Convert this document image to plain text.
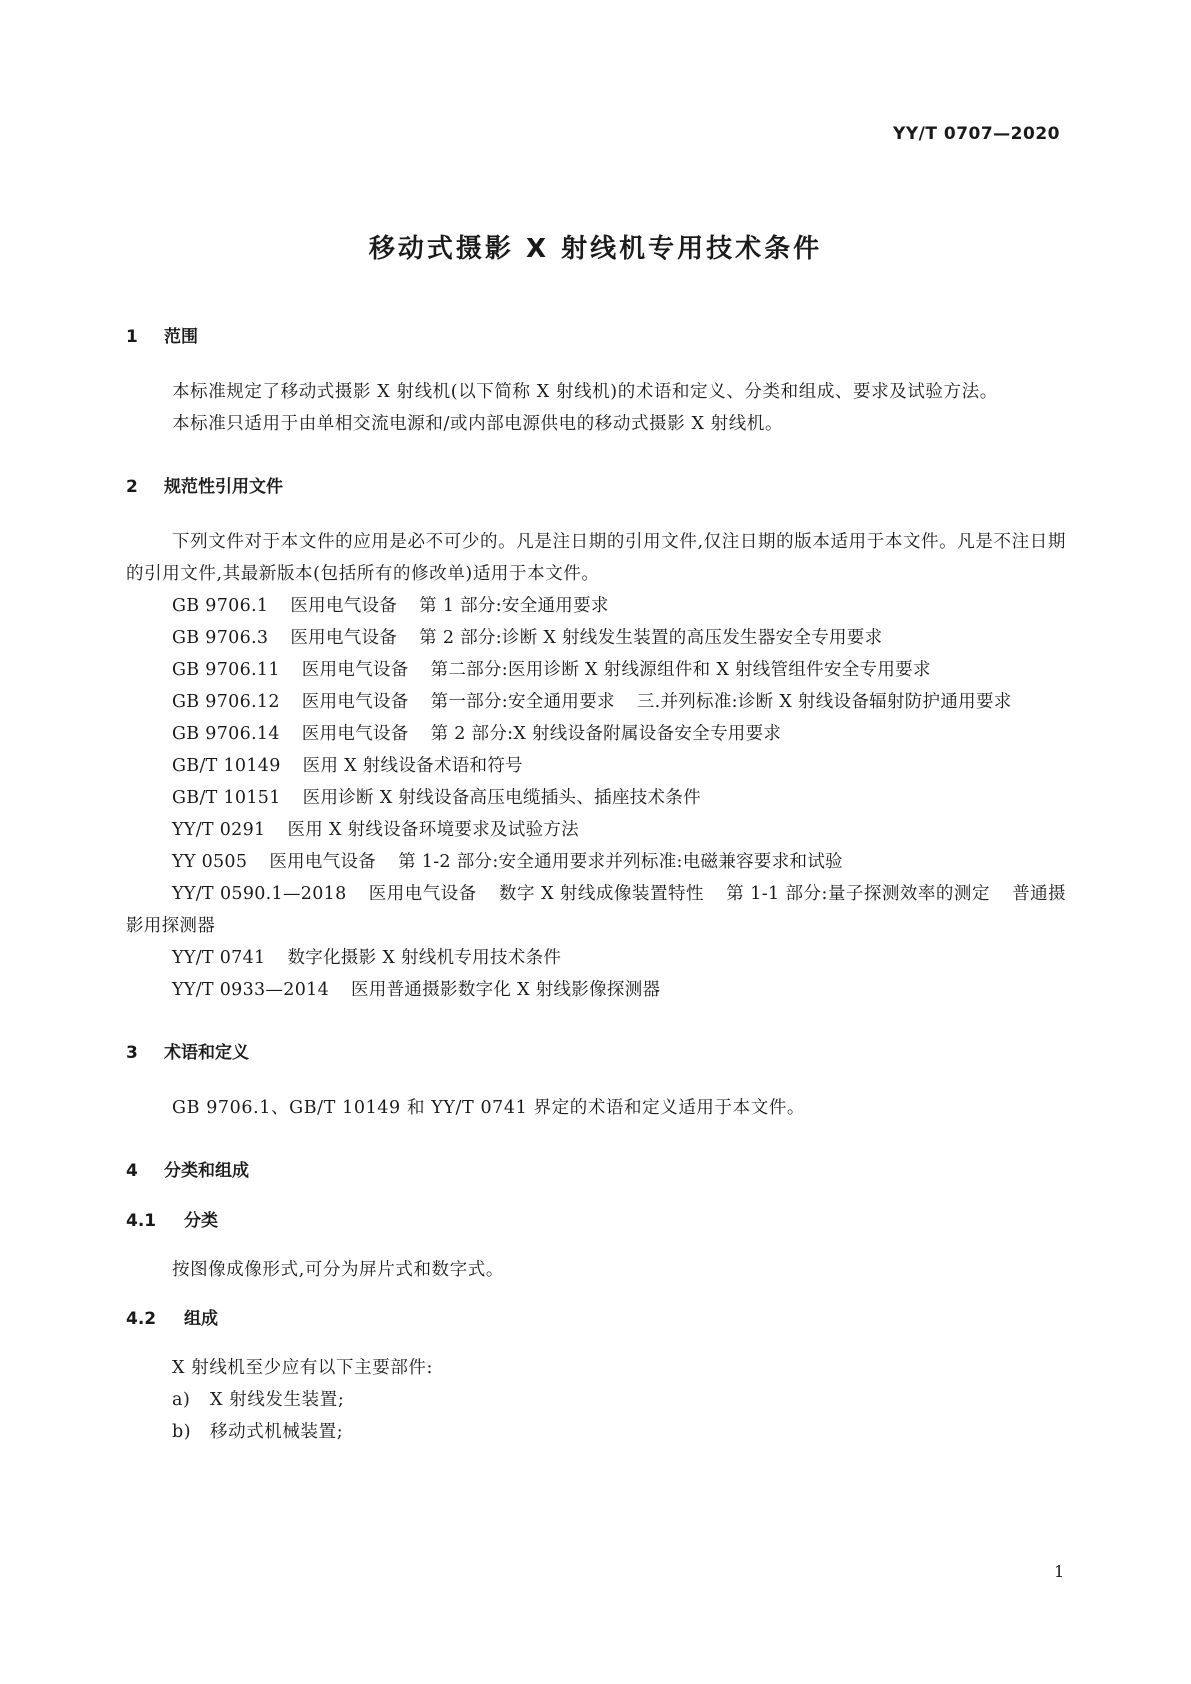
YY/T 0707—2020
移动式摄影 X 射线机专用技术条件
1	范围
本标准规定了移动式摄影 X 射线机(以下简称 X 射线机)的术语和定义、分类和组成、要求及试验方法。
本标准只适用于由单相交流电源和/或内部电源供电的移动式摄影 X 射线机。
2	规范性引用文件
下列文件对于本文件的应用是必不可少的。凡是注日期的引用文件,仅注日期的版本适用于本文件。凡是不注日期的引用文件,其最新版本(包括所有的修改单)适用于本文件。
GB 9706.1 医用电气设备 第 1 部分:安全通用要求
GB 9706.3 医用电气设备 第 2 部分:诊断 X 射线发生装置的高压发生器安全专用要求
GB 9706.11 医用电气设备 第二部分:医用诊断 X 射线源组件和 X 射线管组件安全专用要求
GB 9706.12 医用电气设备 第一部分:安全通用要求 三.并列标准:诊断 X 射线设备辐射防护通用要求
GB 9706.14 医用电气设备 第 2 部分:X 射线设备附属设备安全专用要求
GB/T 10149 医用 X 射线设备术语和符号
GB/T 10151 医用诊断 X 射线设备高压电缆插头、插座技术条件
YY/T 0291 医用 X 射线设备环境要求及试验方法
YY 0505 医用电气设备 第 1-2 部分:安全通用要求并列标准:电磁兼容要求和试验
YY/T 0590.1—2018 医用电气设备 数字 X 射线成像装置特性 第 1-1 部分:量子探测效率的测定 普通摄影用探测器
YY/T 0741 数字化摄影 X 射线机专用技术条件
YY/T 0933—2014 医用普通摄影数字化 X 射线影像探测器
3	术语和定义
GB 9706.1、GB/T 10149 和 YY/T 0741 界定的术语和定义适用于本文件。
4	分类和组成
4.1	分类
按图像成像形式,可分为屏片式和数字式。
4.2	组成
X 射线机至少应有以下主要部件:
a) X 射线发生装置;
b) 移动式机械装置;
1
